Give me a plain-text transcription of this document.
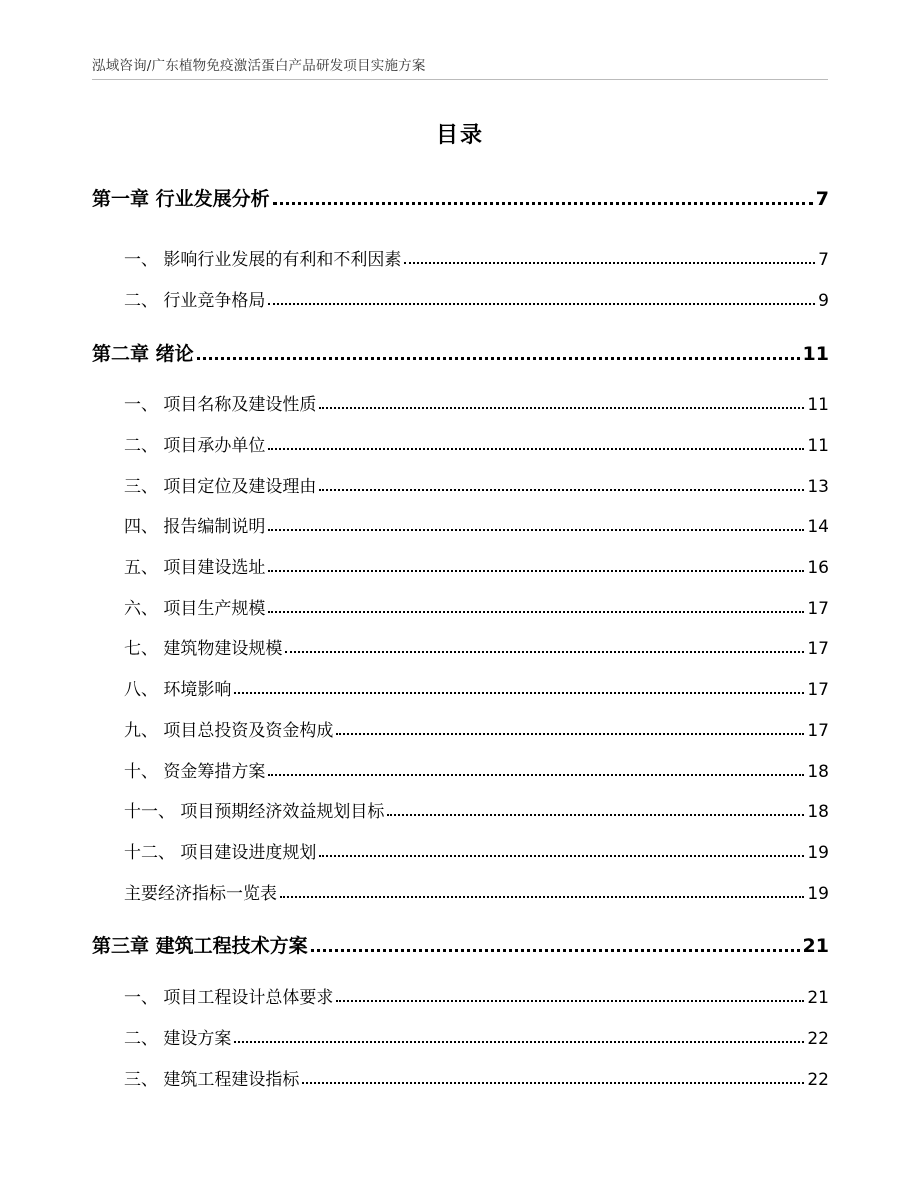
泓域咨询/广东植物免疫激活蛋白产品研发项目实施方案
目录
第一章 行业发展分析	7
一、 影响行业发展的有利和不利因素	7
二、 行业竞争格局	9
第二章 绪论	11
一、 项目名称及建设性质	11
二、 项目承办单位	11
三、 项目定位及建设理由	13
四、 报告编制说明	14
五、 项目建设选址	16
六、 项目生产规模	17
七、 建筑物建设规模	17
八、 环境影响	17
九、 项目总投资及资金构成	17
十、 资金筹措方案	18
十一、 项目预期经济效益规划目标	18
十二、 项目建设进度规划	19
主要经济指标一览表	19
第三章 建筑工程技术方案	21
一、 项目工程设计总体要求	21
二、 建设方案	22
三、 建筑工程建设指标	22
